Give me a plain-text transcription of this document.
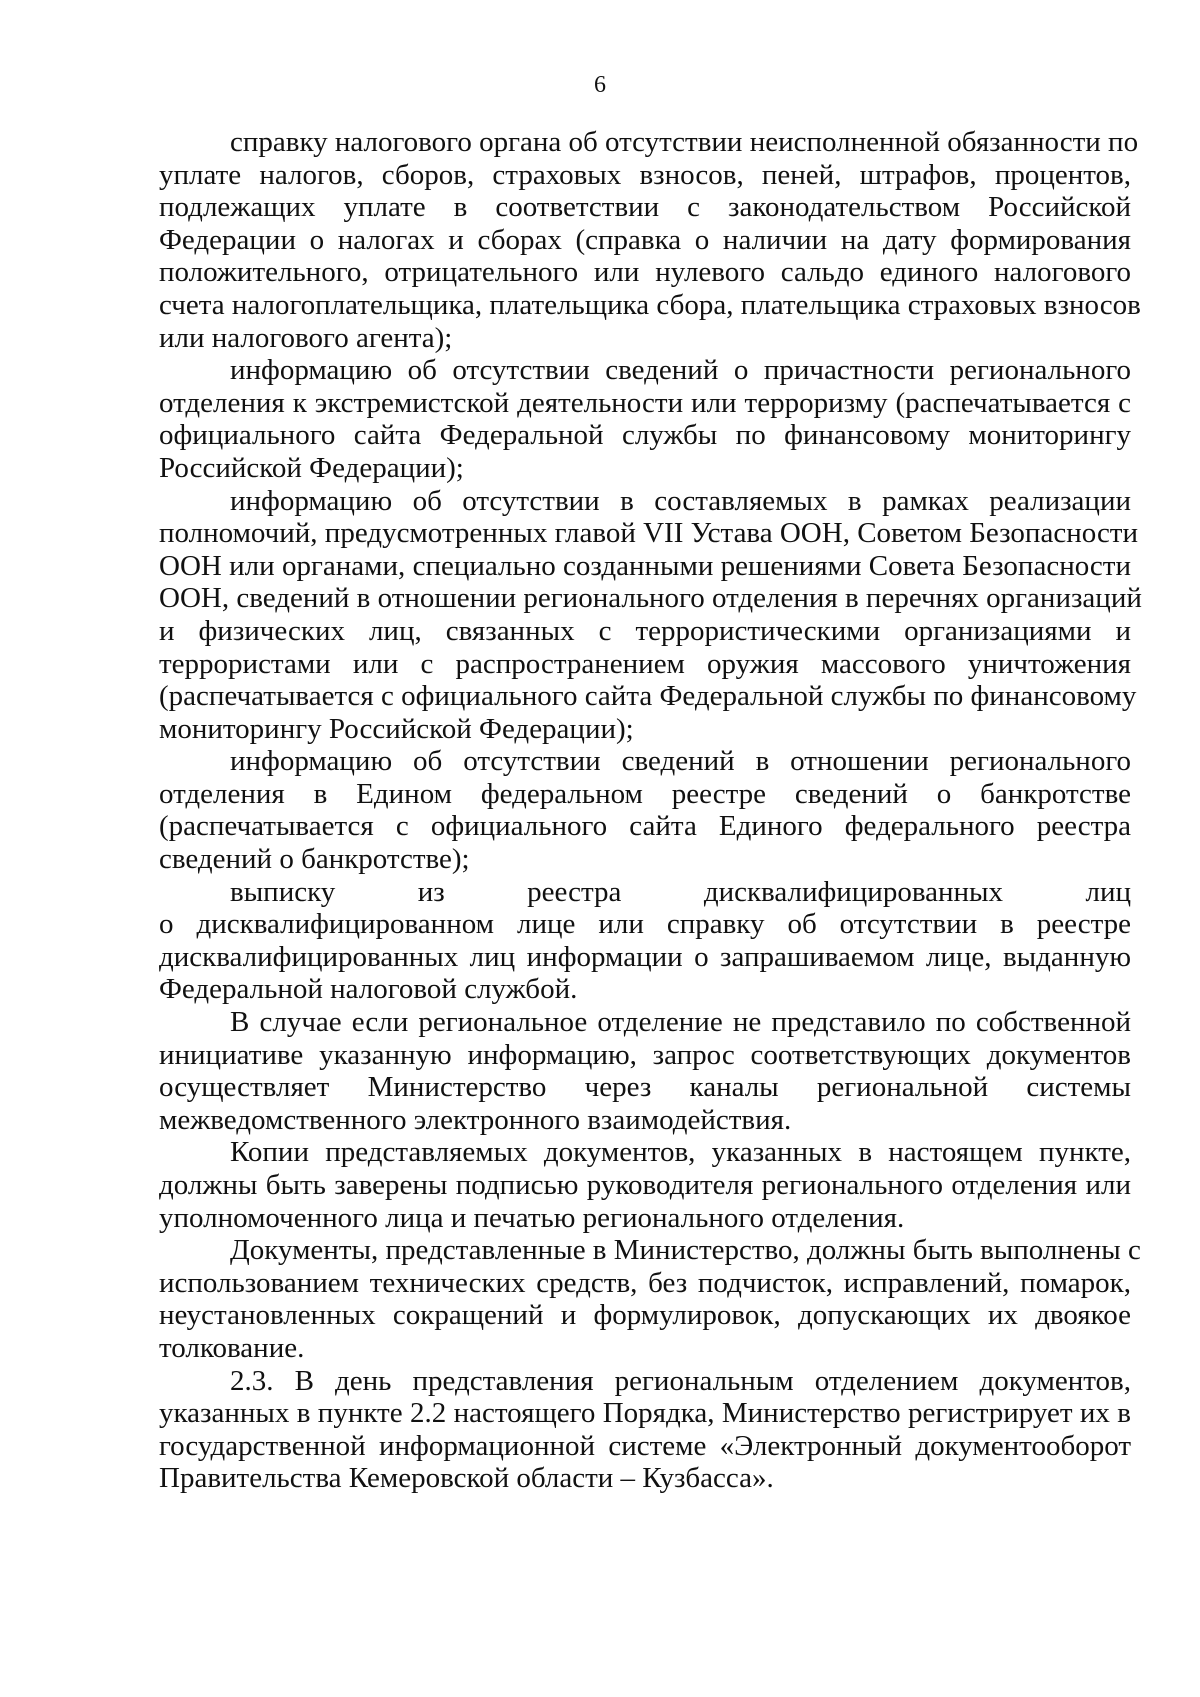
6

справку налогового органа об отсутствии неисполненной обязанности по
уплате налогов, сборов, страховых взносов, пеней, штрафов, процентов,
подлежащих уплате в соответствии с законодательством Российской
Федерации о налогах и сборах (справка о наличии на дату формирования
положительного, отрицательного или нулевого сальдо единого налогового
счета налогоплательщика, плательщика сбора, плательщика страховых взносов
или налогового агента);

информацию об отсутствии сведений о причастности регионального
отделения к экстремистской деятельности или терроризму (распечатывается с
официального сайта Федеральной службы по финансовому мониторингу
Российской Федерации);

информацию об отсутствии в составляемых в рамках реализации
полномочий, предусмотренных главой VII Устава ООН, Советом Безопасности
ООН или органами, специально созданными решениями Совета Безопасности
ООН, сведений в отношении регионального отделения в перечнях организаций
и физических лиц, связанных с террористическими организациями и
террористами или с распространением оружия массового уничтожения
(распечатывается с официального сайта Федеральной службы по финансовому
мониторингу Российской Федерации);

информацию об отсутствии сведений в отношении регионального
отделения в Едином федеральном реестре сведений о банкротстве
(распечатывается с официального сайта Единого федерального реестра
сведений о банкротстве);

выписку из реестра дисквалифицированных лиц
о дисквалифицированном лице или справку об отсутствии в реестре
дисквалифицированных лиц информации о запрашиваемом лице, выданную
Федеральной налоговой службой.

В случае если региональное отделение не представило по собственной
инициативе указанную информацию, запрос соответствующих документов
осуществляет Министерство через каналы региональной системы
межведомственного электронного взаимодействия.

Копии представляемых документов, указанных в настоящем пункте,
должны быть заверены подписью руководителя регионального отделения или
уполномоченного лица и печатью регионального отделения.

Документы, представленные в Министерство, должны быть выполнены с
использованием технических средств, без подчисток, исправлений, помарок,
неустановленных сокращений и формулировок, допускающих их двоякое
толкование.

2.3. В день представления региональным отделением документов,
указанных в пункте 2.2 настоящего Порядка, Министерство регистрирует их в
государственной информационной системе «Электронный документооборот
Правительства Кемеровской области – Кузбасса».
